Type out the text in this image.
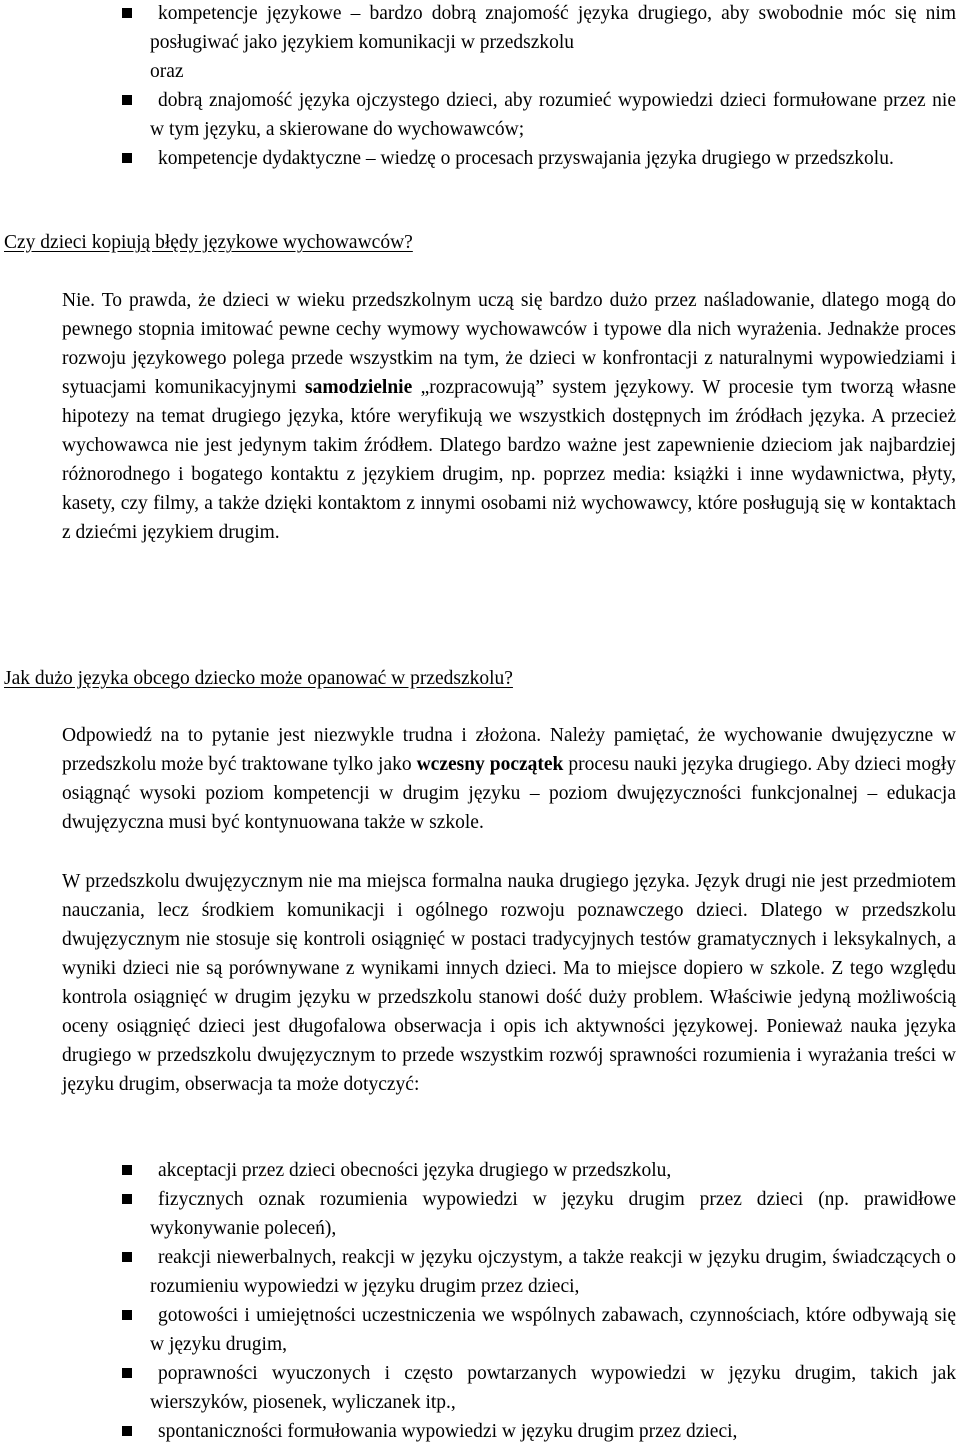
kompetencje językowe – bardzo dobrą znajomość języka drugiego, aby swobodnie móc się nim posługiwać jako językiem komunikacji w przedszkolu
oraz
dobrą znajomość języka ojczystego dzieci, aby rozumieć wypowiedzi dzieci formułowane przez nie w tym języku, a skierowane do wychowawców;
kompetencje dydaktyczne – wiedzę o procesach przyswajania języka drugiego w przedszkolu.
Czy dzieci kopiują błędy językowe wychowawców?
Nie. To prawda, że dzieci w wieku przedszkolnym uczą się bardzo dużo przez naśladowanie, dlatego mogą do pewnego stopnia imitować pewne cechy wymowy wychowawców i typowe dla nich wyrażenia. Jednakże proces rozwoju językowego polega przede wszystkim na tym, że dzieci w konfrontacji z naturalnymi wypowiedziami i sytuacjami komunikacyjnymi samodzielnie „rozpracowują” system językowy. W procesie tym tworzą własne hipotezy na temat drugiego języka, które weryfikują we wszystkich dostępnych im źródłach języka. A przecież wychowawca nie jest jedynym takim źródłem. Dlatego bardzo ważne jest zapewnienie dzieciom jak najbardziej różnorodnego i bogatego kontaktu z językiem drugim, np. poprzez media: książki i inne wydawnictwa, płyty, kasety, czy filmy, a także dzięki kontaktom z innymi osobami niż wychowawcy, które posługują się w kontaktach z dziećmi językiem drugim.
Jak dużo języka obcego dziecko może opanować w przedszkolu?
Odpowiedź na to pytanie jest niezwykle trudna i złożona. Należy pamiętać, że wychowanie dwujęzyczne w przedszkolu może być traktowane tylko jako wczesny początek procesu nauki języka drugiego. Aby dzieci mogły osiągnąć wysoki poziom kompetencji w drugim języku – poziom dwujęzyczności funkcjonalnej – edukacja dwujęzyczna musi być kontynuowana także w szkole.
W przedszkolu dwujęzycznym nie ma miejsca formalna nauka drugiego języka. Język drugi nie jest przedmiotem nauczania, lecz środkiem komunikacji i ogólnego rozwoju poznawczego dzieci. Dlatego w przedszkolu dwujęzycznym nie stosuje się kontroli osiągnięć w postaci tradycyjnych testów gramatycznych i leksykalnych, a wyniki dzieci nie są porównywane z wynikami innych dzieci. Ma to miejsce dopiero w szkole. Z tego względu kontrola osiągnięć w drugim języku w przedszkolu stanowi dość duży problem. Właściwie jedyną możliwością oceny osiągnięć dzieci jest długofalowa obserwacja i opis ich aktywności językowej. Ponieważ nauka języka drugiego w przedszkolu dwujęzycznym to przede wszystkim rozwój sprawności rozumienia i wyrażania treści w języku drugim, obserwacja ta może dotyczyć:
akceptacji przez dzieci obecności języka drugiego w przedszkolu,
fizycznych oznak rozumienia wypowiedzi w języku drugim przez dzieci (np. prawidłowe wykonywanie poleceń),
reakcji niewerbalnych, reakcji w języku ojczystym, a także reakcji w języku drugim, świadczących o rozumieniu wypowiedzi w języku drugim przez dzieci,
gotowości i umiejętności uczestniczenia we wspólnych zabawach, czynnościach, które odbywają się w języku drugim,
poprawności wyuczonych i często powtarzanych wypowiedzi w języku drugim, takich jak wierszyków, piosenek, wyliczanek itp.,
spontaniczności formułowania wypowiedzi w języku drugim przez dzieci,
